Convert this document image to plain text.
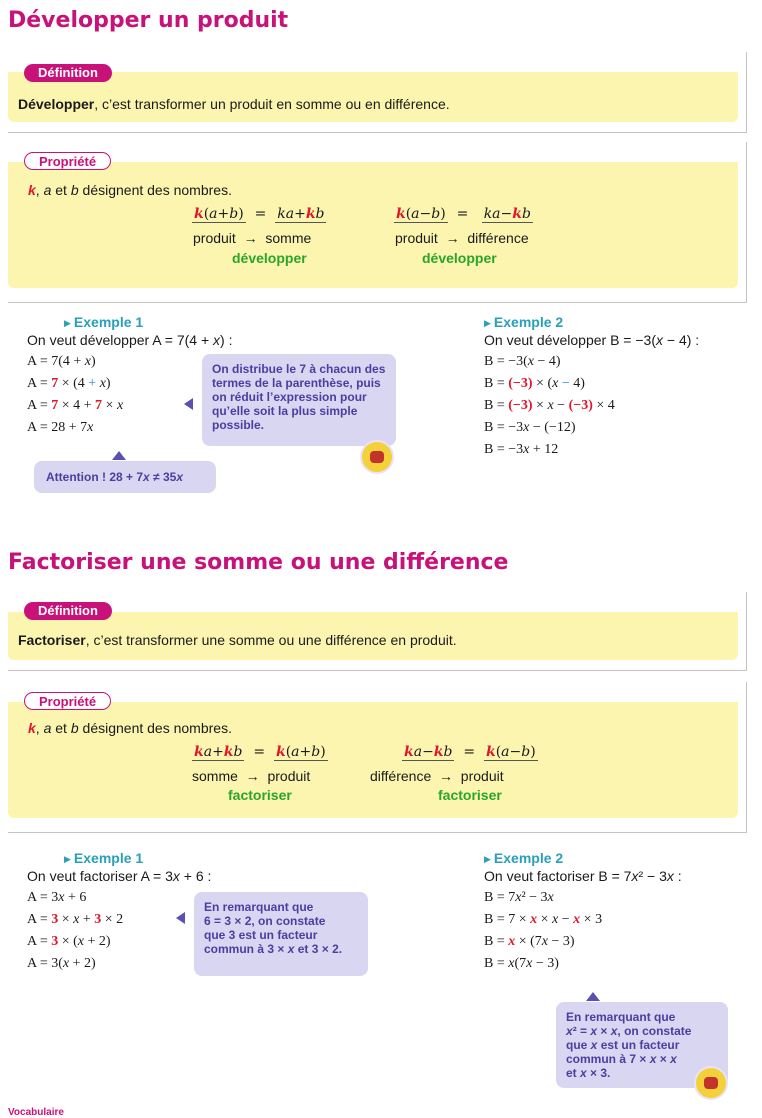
Développer un produit
Développer, c’est transformer un produit en somme ou en différence.
Définition
k, a et b désignent des nombres.
k(a+b)  =  ka+kb
produit  →  somme
développer
k(a−b)  =   ka−kb
produit  →  différence
développer
Propriété
▶ Exemple 1
On veut développer A = 7(4 + x) :
A = 7(4 + x)
A = 7 × (4 + x)
A = 7 × 4 + 7 × x
A = 28 + 7x
On distribue le 7 à chacun des termes de la parenthèse, puis on réduit l’expression pour qu’elle soit la plus simple possible.
Attention ! 28 + 7x ≠ 35x
▶ Exemple 2
On veut développer B = −3(x − 4) :
B = −3(x − 4)
B = (−3) × (x − 4)
B = (−3) × x − (−3) × 4
B = −3x − (−12)
B = −3x + 12
Factoriser une somme ou une différence
Factoriser, c’est transformer une somme ou une différence en produit.
Définition
k, a et b désignent des nombres.
ka+kb  =  k(a+b)
somme  →  produit
factoriser
ka−kb  =  k(a−b)
différence  →  produit
factoriser
Propriété
▶ Exemple 1
On veut factoriser A = 3x + 6 :
A = 3x + 6
A = 3 × x + 3 × 2
A = 3 × (x + 2)
A = 3(x + 2)
En remarquant que
6 = 3 × 2, on constate
que 3 est un facteur
commun à 3 × x et 3 × 2.
▶ Exemple 2
On veut factoriser B = 7x² − 3x :
B = 7x² − 3x
B = 7 × x × x − x × 3
B = x × (7x − 3)
B = x(7x − 3)
En remarquant que
x² = x × x, on constate
que x est un facteur
commun à 7 × x × x
et x × 3.
Vocabulaire
